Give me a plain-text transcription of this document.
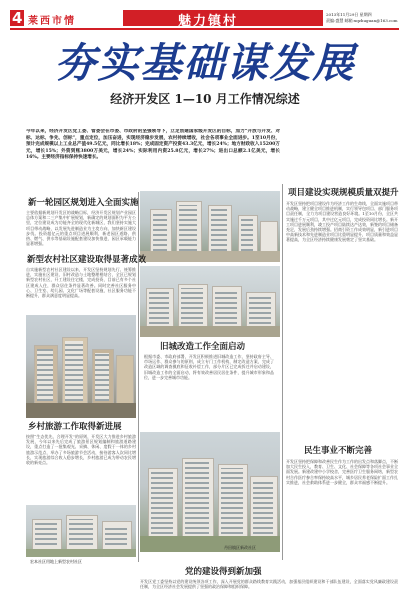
4 莱西市情	魅力镇村	2013年11月29日 星期四
责编:盛慧 邮箱:xqzhuguan@163.com
夯实基础谋发展
经济开发区 1—10 月工作情况综述
今年以来，经济开发区党工委、管委会在市委、市政府的坚强领导下，立足创建国家级开发区的目标，加力“开放与开发、对标、达标、争先、创标”，重点定位，加压奋进，实现经济稳步发展，农村持续增收，社会各项事业全面进步。1至10月份，预计完成规模以上工业总产值49.5亿元，同比增长18%；完成固定资产投资43.3亿元，增长24%；地方财政收入15200万元，增长15%；外资到账3800万美元，增长24%；实际利用内资25.8亿元，增长27%；进出口总额2.1亿美元，增长16%。主要经济指标保持快速增长。
新一轮园区规划进入全面实施
主要依据新规划开发区的战略目标，经济开发区规划产业园区总体方案和二三产集中扩展规划，新确定的规划面积为平方公里，定位建设成为功能齐全的现代化新城区，我们坚持实施大项目带动战略，以发展先进制造业为主攻方向，加快新区建设步伐。投资超亿元的重点项目进展顺利，新老园区道路、供热、燃气、供水等基础设施配套建设加快推进，园区承载能力显著增强。
新型农村社区建设取得显著成效
自实施新型农村社区建设以来，开发区坚持规划先行、统筹推进，实施社区建设、旧村改造与土地整理相结合，全区已规划新型农村社区，开工建设住宅楼，完成投资，目前已有多个社区建成入住，群众居住条件显著改善。同时完善社区服务中心、卫生室、幼儿园、文化广场等配套设施，社区服务功能不断提升，群众满意度明显提高。
旧城改造工作全面启动
根据市委、市政府部署，开发区积极推进旧城改造工作，坚持政府主导、市场运作、群众参与的原则，成立专门工作机构，制定改造方案，完成了改造区域的调查摸底和征收补偿工作，部分片区已完成拆迁并启动建设，旧城改造工作的全面启动，将有效改善居民居住条件，提升城市形象和品位，进一步完善城市功能。
乡村旅游工作取得新进展
按照“生态优先、合理开发”的原则，开发区大力推进乡村旅游发展，今年以来先后完成了旅游景区规划编制和旅游道路建设，重点打造了一批集观光、采摘、休闲、度假于一体的乡村旅游示范点，举办了多场旅游节会活动，接待游客人次同比增长，实现旅游综合收入稳步增长，乡村旅游已成为带动农民增收的新亮点。
宏本社区用地上新型农村社区
丹田镇区新改社区
项目建设实现规模质量双提升
开发区坚持把项目建设作为经济工作的生命线，全面实施项目带动战略，建立健全项目推进机制，实行领导包项目、部门服务项目责任制，全力为项目建设营造良好环境。1至10月份，全区共实施过千万元项目，其中过亿元项目，完成投资同比增长。新开工项目进展顺利，竣工投产项目陆续达产达效，新签约项目储备充足，发展后劲持续增强。招商引资工作成效明显，新引进项目中高新技术和先进制造业项目比重明显提升，项目质量和效益显著提高，为全区经济持续健康发展奠定了坚实基础。
民生事业不断完善
开发区坚持把保障和改善民生作为工作的出发点和落脚点，不断加大民生投入，教育、卫生、文化、社会保障等各项社会事业全面发展。新建改建中小学校舍，完善医疗卫生服务网络，新型农村合作医疗参合率保持较高水平，城乡居民养老保险扩面工作扎实推进，社会救助体系进一步健全，群众幸福感不断提升。
党的建设得到新加强
开发区党工委坚持以党的建设统领各项工作，深入开展党的群众路线教育实践活动，加强基层组织建设和干部队伍建设，全面落实党风廉政建设责任制，为全区经济社会发展提供了坚强的政治保障和组织保障。
